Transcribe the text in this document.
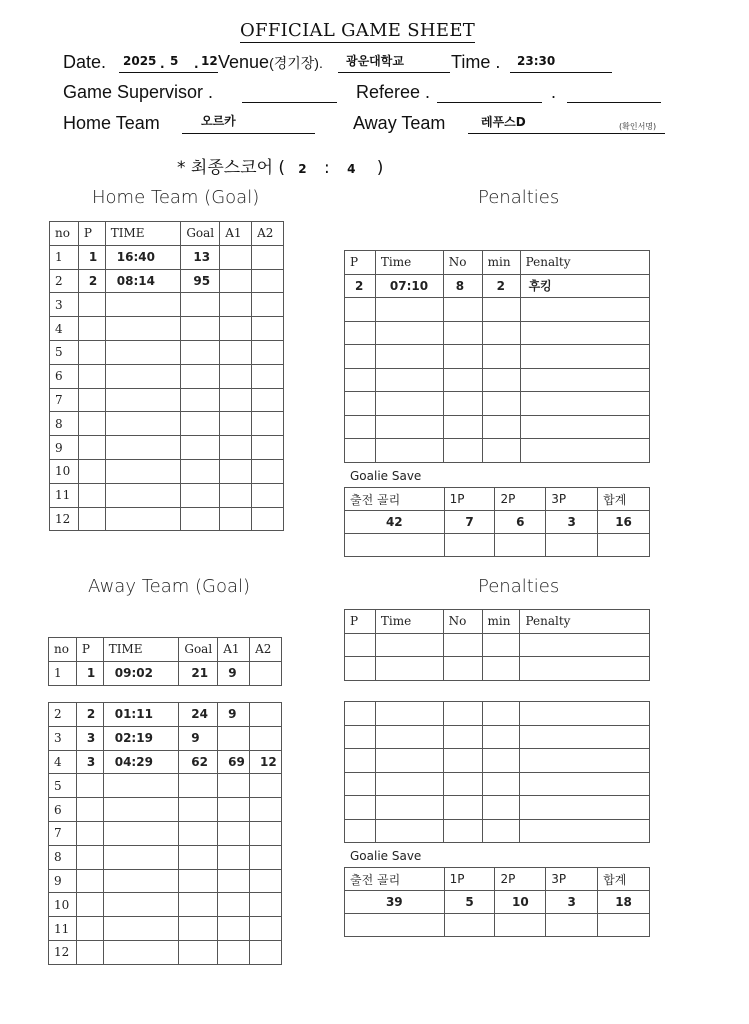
OFFICIAL GAME SHEET
Date. 2025 . 5 . 12 Venue(경기장). 광운대학교	Time . 23:30
Game Supervisor .	Referee .	.
Home Team	오르카	Away Team	레푸스D	(확인서명)
* 최종스코어 ( 2 : 4 )
Home Team (Goal)	Penalties
no	P	TIME	Goal	A1	A2
1	1	16:40	13		
2	2	08:14	95		
3					
4					
5					
6					
7					
8					
9					
10					
11					
12					
P	Time	No	min	Penalty
2	07:10	8	2	후킹

Goalie Save
출전 골리	1P	2P	3P	합계
42	7	6	3	16

Away Team (Goal)	Penalties
no	P	TIME	Goal	A1	A2
1	1	09:02	21	9	
2	2	01:11	24	9	
3	3	02:19	9		
4	3	04:29	62	69	12
5					
6					
7					
8					
9					
10					
11					
12					
P	Time	No	min	Penalty

Goalie Save
출전 골리	1P	2P	3P	합계
39	5	10	3	18
